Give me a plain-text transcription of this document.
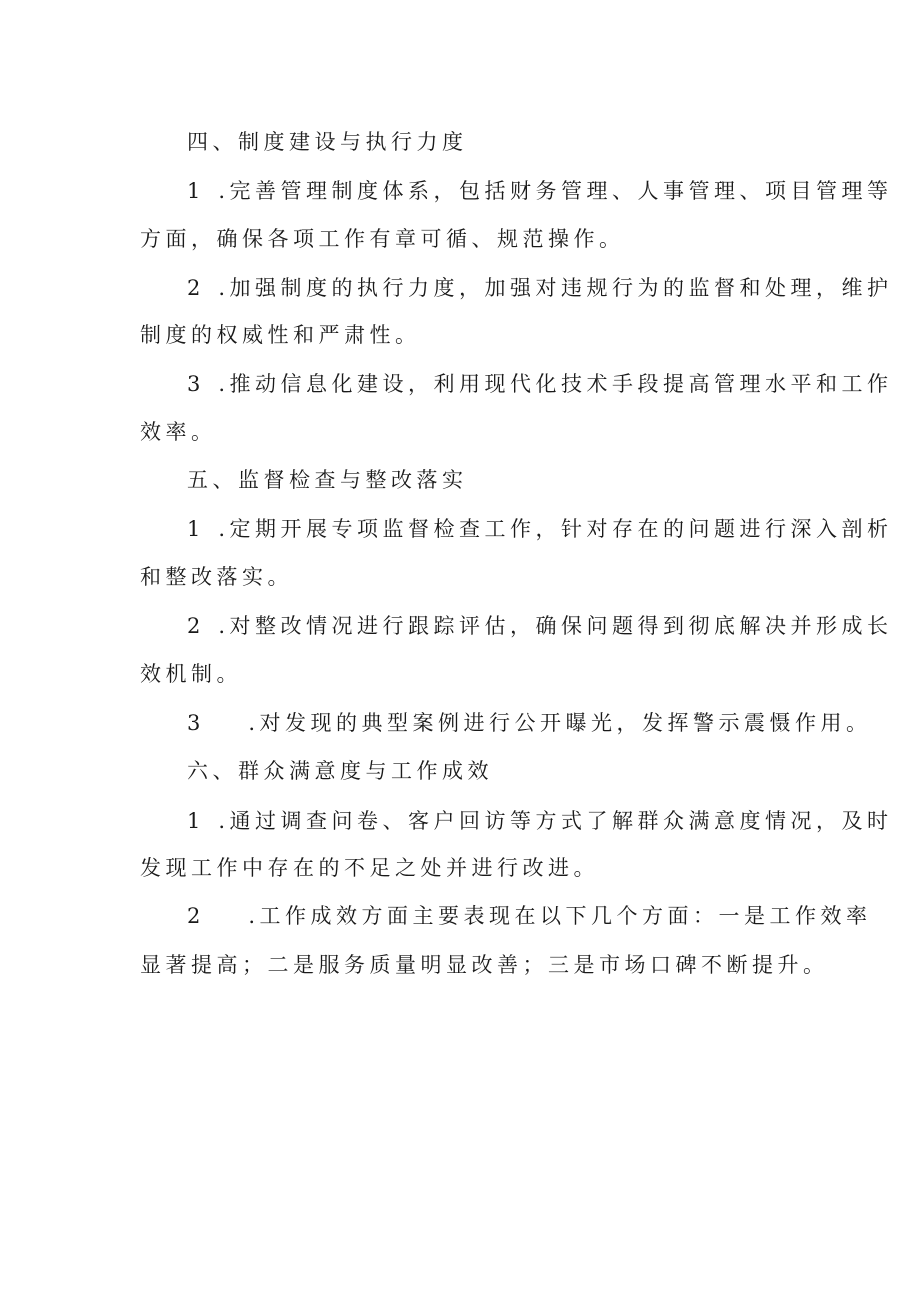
四、制度建设与执行力度
1 .完善管理制度体系，包括财务管理、人事管理、项目管理等
方面，确保各项工作有章可循、规范操作。
2 .加强制度的执行力度，加强对违规行为的监督和处理，维护
制度的权威性和严肃性。
3 .推动信息化建设，利用现代化技术手段提高管理水平和工作
效率。
五、监督检查与整改落实
1 .定期开展专项监督检查工作，针对存在的问题进行深入剖析
和整改落实。
2 .对整改情况进行跟踪评估，确保问题得到彻底解决并形成长
效机制。
3 .对发现的典型案例进行公开曝光，发挥警示震慑作用。
六、群众满意度与工作成效
1 .通过调查问卷、客户回访等方式了解群众满意度情况，及时
发现工作中存在的不足之处并进行改进。
2 .工作成效方面主要表现在以下几个方面：一是工作效率
显著提高；二是服务质量明显改善；三是市场口碑不断提升。
